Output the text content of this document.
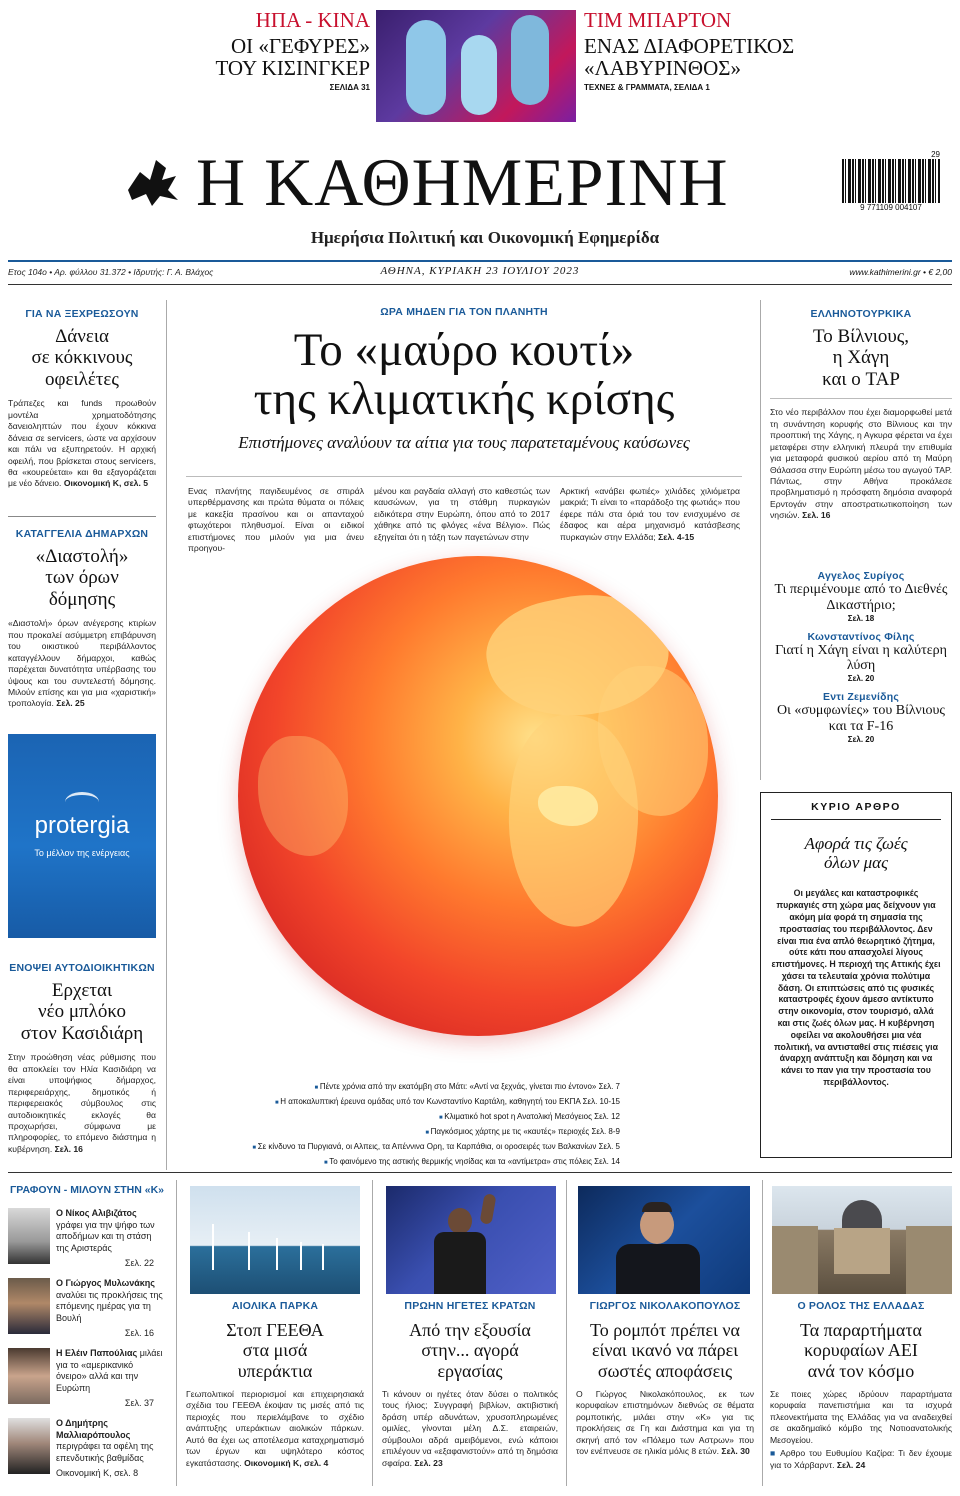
ΗΠΑ - ΚΙΝΑ
ΟΙ «ΓΕΦΥΡΕΣ»
ΤΟΥ ΚΙΣΙΝΓΚΕΡ
ΣΕΛΙΔΑ 31
ΤΙΜ ΜΠΑΡΤΟΝ
ΕΝΑΣ ΔΙΑΦΟΡΕΤΙΚΟΣ
«ΛΑΒΥΡΙΝΘΟΣ»
ΤΕΧΝΕΣ & ΓΡΑΜΜΑΤΑ, ΣΕΛΙΔΑ 1
Η ΚΑΘΗΜΕΡΙΝΗ
Ημερήσια Πολιτική και Οικονομική Εφημερίδα
29
9 771109 004107
Ετος 104ο • Αρ. φύλλου 31.372 • Ιδρυτής: Γ. Α. Βλάχος	ΑΘΗΝΑ, ΚΥΡΙΑΚΗ 23 ΙΟΥΛΙΟΥ 2023	www.kathimerini.gr • € 2,00
ΓΙΑ ΝΑ ΞΕΧΡΕΩΣΟΥΝ
Δάνεια
σε κόκκινους
οφειλέτες
Τράπεζες και funds προωθούν μοντέλα χρηματοδότησης δανειοληπτών που έχουν κόκκινα δάνεια σε servicers, ώστε να αρχίσουν και πάλι να εξυπηρετούν. Η αρχική οφειλή, που βρίσκεται στους servicers, θα «κουρεύεται» και θα εξαγοράζεται με νέο δάνειο. Οικονομική Κ, σελ. 5
ΚΑΤΑΓΓΕΛΙΑ ΔΗΜΑΡΧΩΝ
«Διαστολή»
των όρων
δόμησης
«Διαστολή» όρων ανέγερσης κτιρίων που προκαλεί ασύμμετρη επιβάρυνση του οικιστικού περιβάλλοντος καταγγέλλουν δήμαρχοι, καθώς παρέχεται δυνατότητα υπέρβασης του ύψους και του συντελεστή δόμησης. Μιλούν επίσης και για μια «χαριστική» τροπολογία. Σελ. 25
protergia
Το μέλλον της ενέργειας
ΕΝΟΨΕΙ ΑΥΤΟΔΙΟΙΚΗΤΙΚΩΝ
Ερχεται
νέο μπλόκο
στον Κασιδιάρη
Στην προώθηση νέας ρύθμισης που θα αποκλείει τον Ηλία Κασιδιάρη να είναι υποψήφιος δήμαρχος, περιφερειάρχης, δημοτικός ή περιφερειακός σύμβουλος στις αυτοδιοικητικές εκλογές θα προχωρήσει, σύμφωνα με πληροφορίες, το επόμενο διάστημα η κυβέρνηση. Σελ. 16
ΩΡΑ ΜΗΔΕΝ ΓΙΑ ΤΟΝ ΠΛΑΝΗΤΗ
Το «μαύρο κουτί»
της κλιματικής κρίσης
Επιστήμονες αναλύουν τα αίτια για τους παρατεταμένους καύσωνες
Ενας πλανήτης παγιδευμένος σε σπιράλ υπερθέρμανσης και πρώτα θύματα οι πόλεις με κακεξία πρασίνου και οι απανταχού φτωχότεροι πληθυσμοί. Είναι οι ειδικοί επιστήμονες που μιλούν για μια άνευ προηγου-
μένου και ραγδαία αλλαγή στο καθεστώς των καυσώνων, για τη στάθμη πυρκαγιών ειδικότερα στην Ευρώπη, όπου από το 2017 χάθηκε από τις φλόγες «ένα Βέλγιο». Πώς εξηγείται ότι η τάξη των παγετώνων στην
Αρκτική «ανάβει φωτιές» χιλιάδες χιλιόμετρα μακριά; Τι είναι το «παράδοξο της φωτιάς» που έφερε πάλι στα όριά του τον ενισχυμένο σε έδαφος και αέρα μηχανισμό κατάσβεσης πυρκαγιών στην Ελλάδα; Σελ. 4-15
■ Πέντε χρόνια από την εκατόμβη στο Μάτι: «Αντί να ξεχνάς, γίνεται πιο έντονο» Σελ. 7
■ Η αποκαλυπτική έρευνα ομάδας υπό τον Κωνσταντίνο Καρτάλη, καθηγητή του ΕΚΠΑ Σελ. 10-15
■ Κλιματικό hot spot η Ανατολική Μεσόγειος Σελ. 12
■ Παγκόσμιος χάρτης με τις «καυτές» περιοχές Σελ. 8-9
■ Σε κίνδυνο τα Πυργιανά, οι Αλπεις, τα Απέννινα Ορη, τα Καρπάθια, οι οροσειρές των Βαλκανίων Σελ. 5
■ Το φαινόμενο της αστικής θερμικής νησίδας και τα «αντίμετρα» στις πόλεις Σελ. 14
ΕΛΛΗΝΟΤΟΥΡΚΙΚΑ
Το Βίλνιους,
η Χάγη
και ο TAP
Στο νέο περιβάλλον που έχει διαμορφωθεί μετά τη συνάντηση κορυφής στο Βίλνιους και την προοπτική της Χάγης, η Αγκυρα φέρεται να έχει μεταφέρει στην ελληνική πλευρά την επιθυμία για μεταφορά φυσικού αερίου από τη Μαύρη Θάλασσα στην Ευρώπη μέσω του αγωγού TAP. Πάντως, στην Αθήνα προκάλεσε προβληματισμό η πρόσφατη δημόσια αναφορά Ερντογάν στην αποστρατιωτικοποίηση των νησιών. Σελ. 16
Αγγελος Συρίγος
Τι περιμένουμε από το Διεθνές Δικαστήριο;
Σελ. 18
Κωνσταντίνος Φίλης
Γιατί η Χάγη είναι η καλύτερη λύση
Σελ. 20
Εντι Ζεμενίδης
Οι «συμφωνίες» του Βίλνιους και τα F-16
Σελ. 20
ΚΥΡΙΟ ΑΡΘΡΟ
Αφορά τις ζωές
όλων μας
Οι μεγάλες και καταστροφικές πυρκαγιές στη χώρα μας δείχνουν για ακόμη μία φορά τη σημασία της προστασίας του περιβάλλοντος. Δεν είναι πια ένα απλό θεωρητικό ζήτημα, ούτε κάτι που απασχολεί λίγους επιστήμονες. Η περιοχή της Αττικής έχει χάσει τα τελευταία χρόνια πολύτιμα δάση. Οι επιπτώσεις από τις φυσικές καταστροφές έχουν άμεσο αντίκτυπο στην οικονομία, στον τουρισμό, αλλά και στις ζωές όλων μας. Η κυβέρνηση οφείλει να ακολουθήσει μια νέα πολιτική, να αντισταθεί στις πιέσεις για άναρχη ανάπτυξη και δόμηση και να κάνει το παν για την προστασία του περιβάλλοντος.
ΓΡΑΦΟΥΝ - ΜΙΛΟΥΝ ΣΤΗΝ «Κ»
Ο Νίκος Αλιβιζάτος γράφει για την ψήφο των αποδήμων και τη στάση της Αριστεράς
Σελ. 22
Ο Γιώργος Μυλωνάκης αναλύει τις προκλήσεις της επόμενης ημέρας για τη Βουλή
Σελ. 16
Η Ελέιν Παπούλιας μιλάει για το «αμερικανικό όνειρο» αλλά και την Ευρώπη
Σελ. 37
Ο Δημήτρης Μαλλιαρόπουλος περιγράφει τα οφέλη της επενδυτικής βαθμίδας
Οικονομική Κ, σελ. 8
ΑΙΟΛΙΚΑ ΠΑΡΚΑ
Στοπ ΓΕΕΘΑ
στα μισά
υπεράκτια
Γεωπολιτικοί περιορισμοί και επιχειρησιακά σχέδια του ΓΕΕΘΑ έκοψαν τις μισές από τις περιοχές που περιελάμβανε το σχέδιο ανάπτυξης υπεράκτιων αιολικών πάρκων. Αυτό θα έχει ως αποτέλεσμα καταχρηματισμό των έργων και υψηλότερο κόστος εγκατάστασης. Οικονομική Κ, σελ. 4
ΠΡΩΗΝ ΗΓΕΤΕΣ ΚΡΑΤΩΝ
Από την εξουσία
στην... αγορά
εργασίας
Τι κάνουν οι ηγέτες όταν δύσει ο πολιτικός τους ήλιος; Συγγραφή βιβλίων, ακτιβιστική δράση υπέρ αδυνάτων, χρυσοπληρωμένες ομιλίες, γίνονται μέλη Δ.Σ. εταιρειών, σύμβουλοι αδρά αμειβόμενοι, ενώ κάποιοι επιλέγουν να «εξαφανιστούν» από τη δημόσια σφαίρα. Σελ. 23
ΓΙΩΡΓΟΣ ΝΙΚΟΛΑΚΟΠΟΥΛΟΣ
Το ρομπότ πρέπει να
είναι ικανό να πάρει
σωστές αποφάσεις
Ο Γιώργος Νικολακόπουλος, εκ των κορυφαίων επιστημόνων διεθνώς σε θέματα ρομποτικής, μιλάει στην «Κ» για τις προκλήσεις σε Γη και Διάστημα και για τη σκηνή από τον «Πόλεμο των Αστρων» που τον ενέπνευσε σε ηλικία μόλις 8 ετών. Σελ. 30
Ο ΡΟΛΟΣ ΤΗΣ ΕΛΛΑΔΑΣ
Τα παραρτήματα
κορυφαίων ΑΕΙ
ανά τον κόσμο
Σε ποιες χώρες ιδρύουν παραρτήματα κορυφαία πανεπιστήμια και τα ισχυρά πλεονεκτήματα της Ελλάδας για να αναδειχθεί σε ακαδημαϊκό κόμβο της Νοτιοανατολικής Μεσογείου.
■ Αρθρο του Ευθυμίου Καζίρα: Τι δεν έχουμε για το Χάρβαρντ. Σελ. 24
